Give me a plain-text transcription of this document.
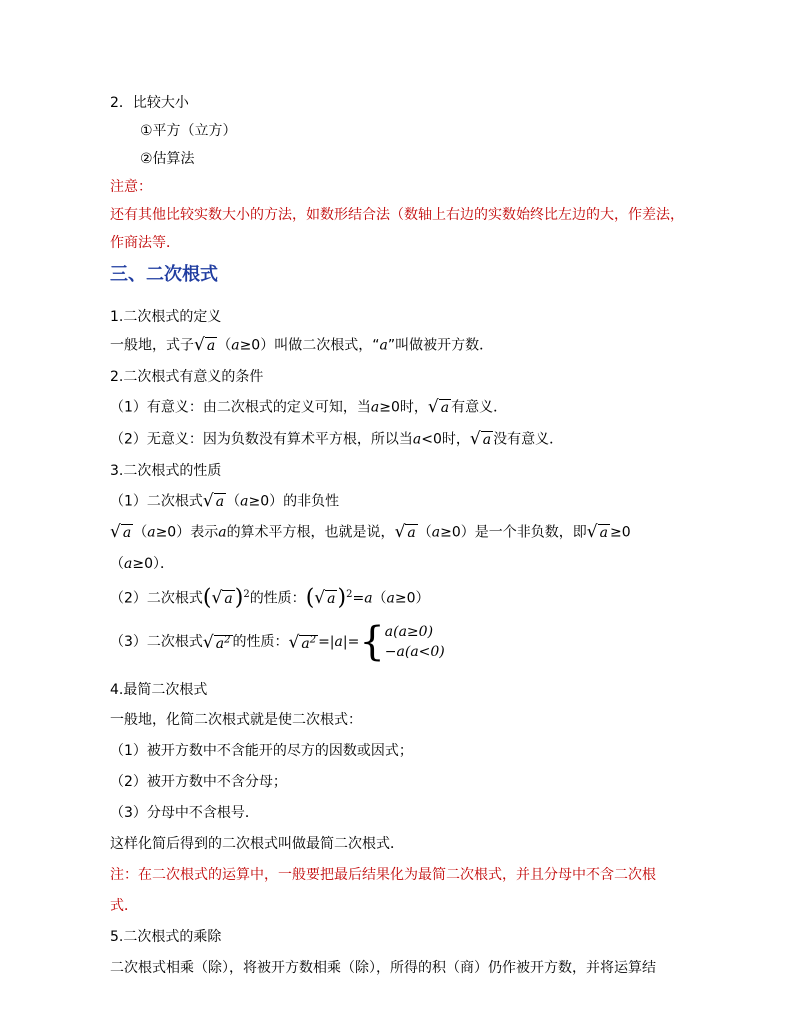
2．比较大小
①平方（立方）
②估算法
注意：
还有其他比较实数大小的方法，如数形结合法（数轴上右边的实数始终比左边的大，作差法，
作商法等．
三、二次根式
1.二次根式的定义
一般地，式子√ a （a≥0）叫做二次根式，“a”叫做被开方数．
2.二次根式有意义的条件
（1）有意义：由二次根式的定义可知，当a≥0时，√ a 有意义．
（2）无意义：因为负数没有算术平方根，所以当a<0时，√ a 没有意义．
3.二次根式的性质
（1）二次根式√ a （a≥0）的非负性
√ a （a≥0）表示a的算术平方根，也就是说，√ a （a≥0）是一个非负数，即√ a ≥0
（a≥0）．
（2）二次根式(√ a)$^2$的性质：(√ a)$^2$=a（a≥0）
（3）二次根式√ $a^2$ 的性质：√ $a^2 =|a|=\{a(a\ge 0)$
−a(a<0)
4.最简二次根式
一般地，化简二次根式就是使二次根式：
（1）被开方数中不含能开的尽方的因数或因式；
（2）被开方数中不含分母；
（3）分母中不含根号．
这样化简后得到的二次根式叫做最简二次根式．
注：在二次根式的运算中，一般要把最后结果化为最简二次根式，并且分母中不含二次根
式．
5.二次根式的乘除
二次根式相乘（除），将被开方数相乘（除），所得的积（商）仍作被开方数，并将运算结
